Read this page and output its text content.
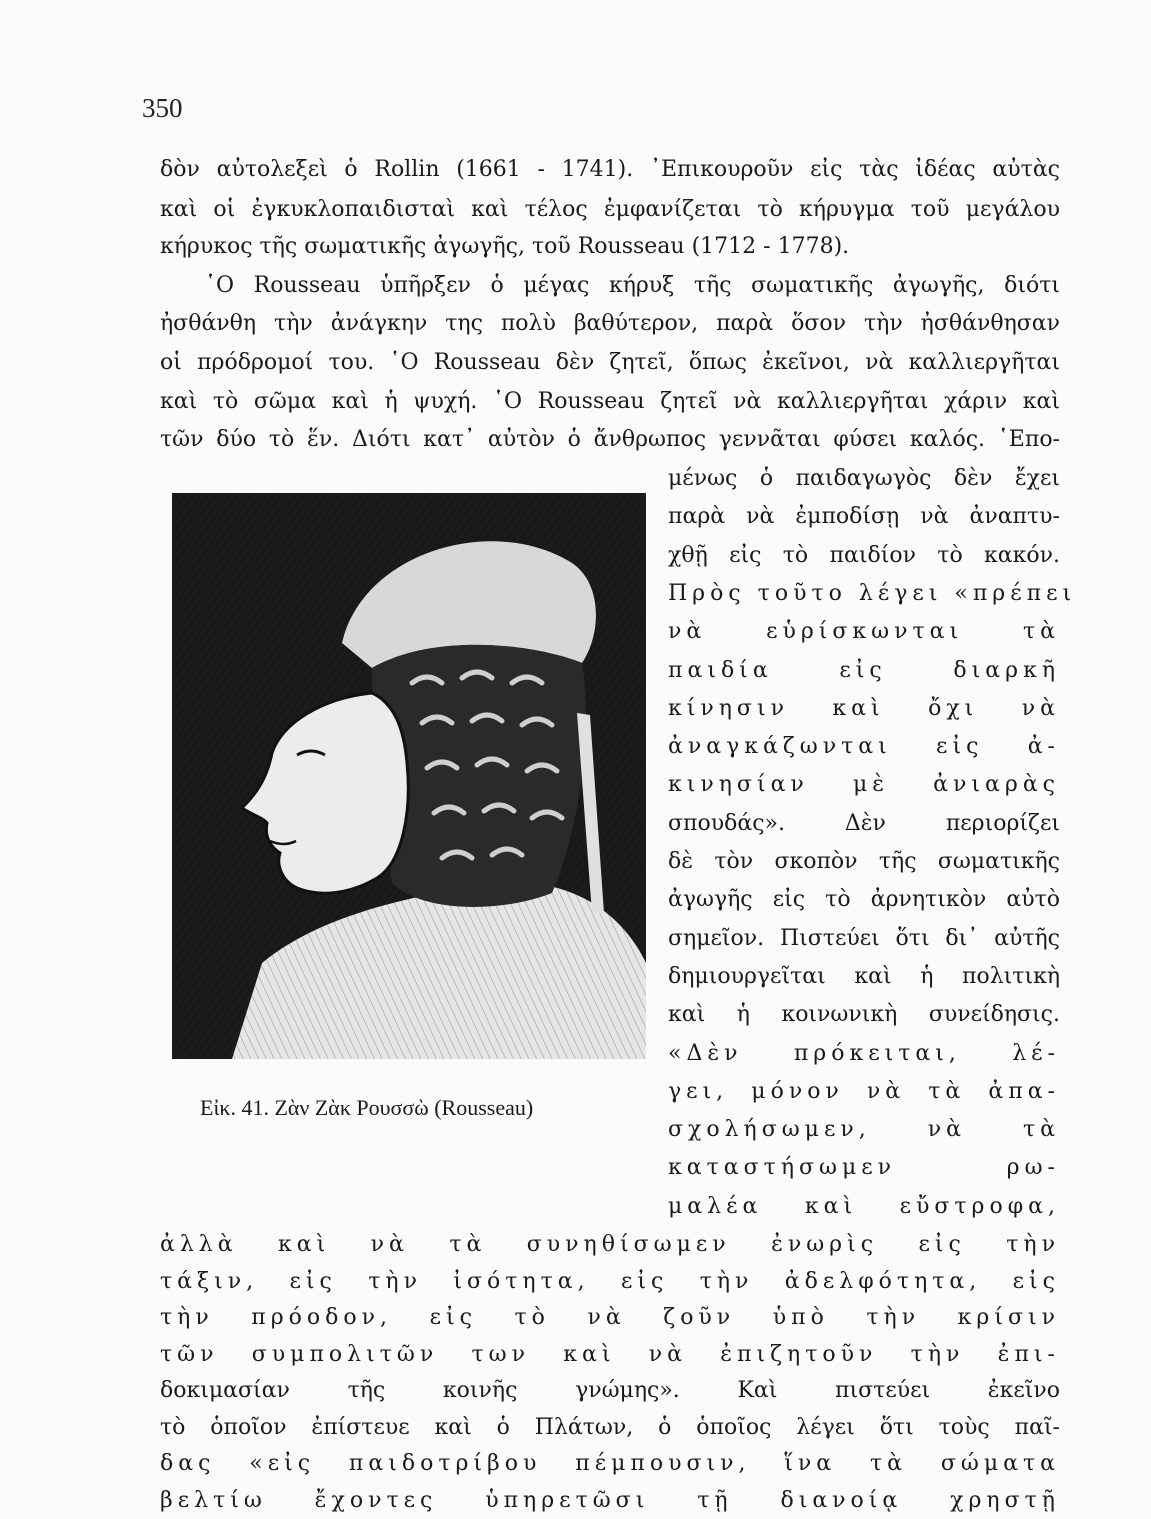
350
δὸν αὐτολεξεὶ ὁ Rollin (1661 - 1741). ᾿Επικουροῦν εἰς τὰς ἰδέας αὐτὰς
καὶ οἱ ἐγκυκλοπαιδισταὶ καὶ τέλος ἐμφανίζεται τὸ κήρυγμα τοῦ μεγάλου
κήρυκος τῆς σωματικῆς ἀγωγῆς, τοῦ Rousseau (1712 - 1778).
῾Ο Rousseau ὑπῆρξεν ὁ μέγας κήρυξ τῆς σωματικῆς ἀγωγῆς, διότι
ἠσθάνθη τὴν ἀνάγκην της πολὺ βαθύτερον, παρὰ ὅσον τὴν ἠσθάνθησαν
οἱ πρόδρομοί του. ῾Ο Rousseau δὲν ζητεῖ, ὅπως ἐκεῖνοι, νὰ καλλιεργῆται
καὶ τὸ σῶμα καὶ ἡ ψυχή. ῾Ο Rousseau ζητεῖ νὰ καλλιεργῆται χάριν καὶ
τῶν δύο τὸ ἕν. Διότι κατ᾿ αὐτὸν ὁ ἄνθρωπος γεννᾶται φύσει καλός. ῾Επο-
μένως ὁ παιδαγωγὸς δὲν ἔχει
παρὰ νὰ ἐμποδίσῃ νὰ ἀναπτυ-
χθῇ εἰς τὸ παιδίον τὸ κακόν.
Πρὸς τοῦτο λέγει «πρέπει
νὰ εὑρίσκωνται τὰ
παιδία εἰς διαρκῆ
κίνησιν καὶ ὄχι νὰ
ἀναγκάζωνται εἰς ἀ-
κινησίαν μὲ ἀνιαρὰς
σπουδάς». Δὲν περιορίζει
δὲ τὸν σκοπὸν τῆς σωματικῆς
ἀγωγῆς εἰς τὸ ἀρνητικὸν αὐτὸ
σημεῖον. Πιστεύει ὅτι δι᾿ αὐτῆς
δημιουργεῖται καὶ ἡ πολιτικὴ
καὶ ἡ κοινωνικὴ συνείδησις.
«Δὲν πρόκειται, λέ-
γει, μόνον νὰ τὰ ἀπα-
σχολήσωμεν, νὰ τὰ
καταστήσωμεν ρω-
μαλέα καὶ εὔστροφα,
Εἰκ. 41. Ζὰν Ζὰκ Ρουσσὼ (Rousseau)
ἀλλὰ καὶ νὰ τὰ συνηθίσωμεν ἐνωρὶς εἰς τὴν
τάξιν, εἰς τὴν ἰσότητα, εἰς τὴν ἀδελφότητα, εἰς
τὴν πρόοδον, εἰς τὸ νὰ ζοῦν ὑπὸ τὴν κρίσιν
τῶν συμπολιτῶν των καὶ νὰ ἐπιζητοῦν τὴν ἐπι-
δοκιμασίαν τῆς κοινῆς γνώμης». Καὶ πιστεύει ἐκεῖνο
τὸ ὁποῖον ἐπίστευε καὶ ὁ Πλάτων, ὁ ὁποῖος λέγει ὅτι τοὺς παῖ-
δας «εἰς παιδοτρίβου πέμπουσιν, ἵνα τὰ σώματα
βελτίω ἔχοντες ὑπηρετῶσι τῇ διανοίᾳ χρηστῇ
